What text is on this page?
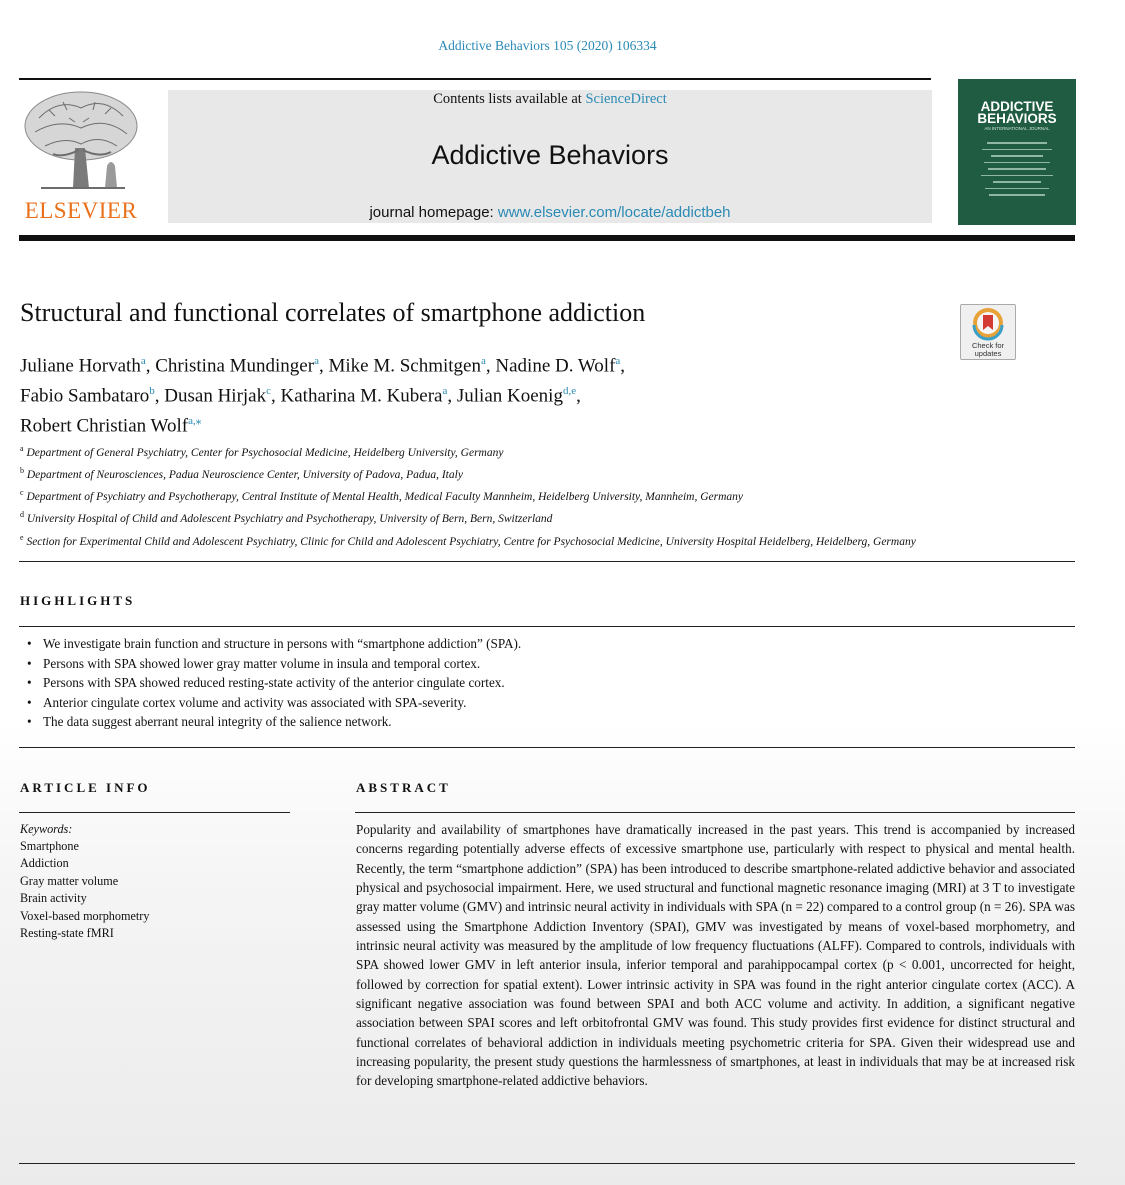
Addictive Behaviors 105 (2020) 106334
ELSEVIER
Contents lists available at ScienceDirect
Addictive Behaviors
journal homepage: www.elsevier.com/locate/addictbeh
ADDICTIVE
BEHAVIORS
AN INTERNATIONAL JOURNAL
Structural and functional correlates of smartphone addiction
Check for updates
Juliane Horvath$^a$, Christina Mundinger$^a$, Mike M. Schmitgen$^a$, Nadine D. Wolf$^a$,
Fabio Sambataro$^b$, Dusan Hirjak$^c$, Katharina M. Kubera$^a$, Julian Koenig$^{d,e}$,
Robert Christian Wolf$^{a,⁎}$
$^a$ Department of General Psychiatry, Center for Psychosocial Medicine, Heidelberg University, Germany
$^b$ Department of Neurosciences, Padua Neuroscience Center, University of Padova, Padua, Italy
$^c$ Department of Psychiatry and Psychotherapy, Central Institute of Mental Health, Medical Faculty Mannheim, Heidelberg University, Mannheim, Germany
$^d$ University Hospital of Child and Adolescent Psychiatry and Psychotherapy, University of Bern, Bern, Switzerland
$^e$ Section for Experimental Child and Adolescent Psychiatry, Clinic for Child and Adolescent Psychiatry, Centre for Psychosocial Medicine, University Hospital Heidelberg, Heidelberg, Germany
HIGHLIGHTS
• We investigate brain function and structure in persons with “smartphone addiction” (SPA).
• Persons with SPA showed lower gray matter volume in insula and temporal cortex.
• Persons with SPA showed reduced resting-state activity of the anterior cingulate cortex.
• Anterior cingulate cortex volume and activity was associated with SPA-severity.
• The data suggest aberrant neural integrity of the salience network.
ARTICLE INFO
Keywords:
Smartphone
Addiction
Gray matter volume
Brain activity
Voxel-based morphometry
Resting-state fMRI
ABSTRACT
Popularity and availability of smartphones have dramatically increased in the past years. This trend is accompanied by increased concerns regarding potentially adverse effects of excessive smartphone use, particularly with respect to physical and mental health. Recently, the term “smartphone addiction” (SPA) has been introduced to describe smartphone-related addictive behavior and associated physical and psychosocial impairment. Here, we used structural and functional magnetic resonance imaging (MRI) at 3 T to investigate gray matter volume (GMV) and intrinsic neural activity in individuals with SPA (n = 22) compared to a control group (n = 26). SPA was assessed using the Smartphone Addiction Inventory (SPAI), GMV was investigated by means of voxel-based morphometry, and intrinsic neural activity was measured by the amplitude of low frequency fluctuations (ALFF). Compared to controls, individuals with SPA showed lower GMV in left anterior insula, inferior temporal and parahippocampal cortex (p < 0.001, uncorrected for height, followed by correction for spatial extent). Lower intrinsic activity in SPA was found in the right anterior cingulate cortex (ACC). A significant negative association was found between SPAI and both ACC volume and activity. In addition, a significant negative association between SPAI scores and left orbitofrontal GMV was found. This study provides first evidence for distinct structural and functional correlates of behavioral addiction in individuals meeting psychometric criteria for SPA. Given their widespread use and increasing popularity, the present study questions the harmlessness of smartphones, at least in individuals that may be at increased risk for developing smartphone-related addictive behaviors.
